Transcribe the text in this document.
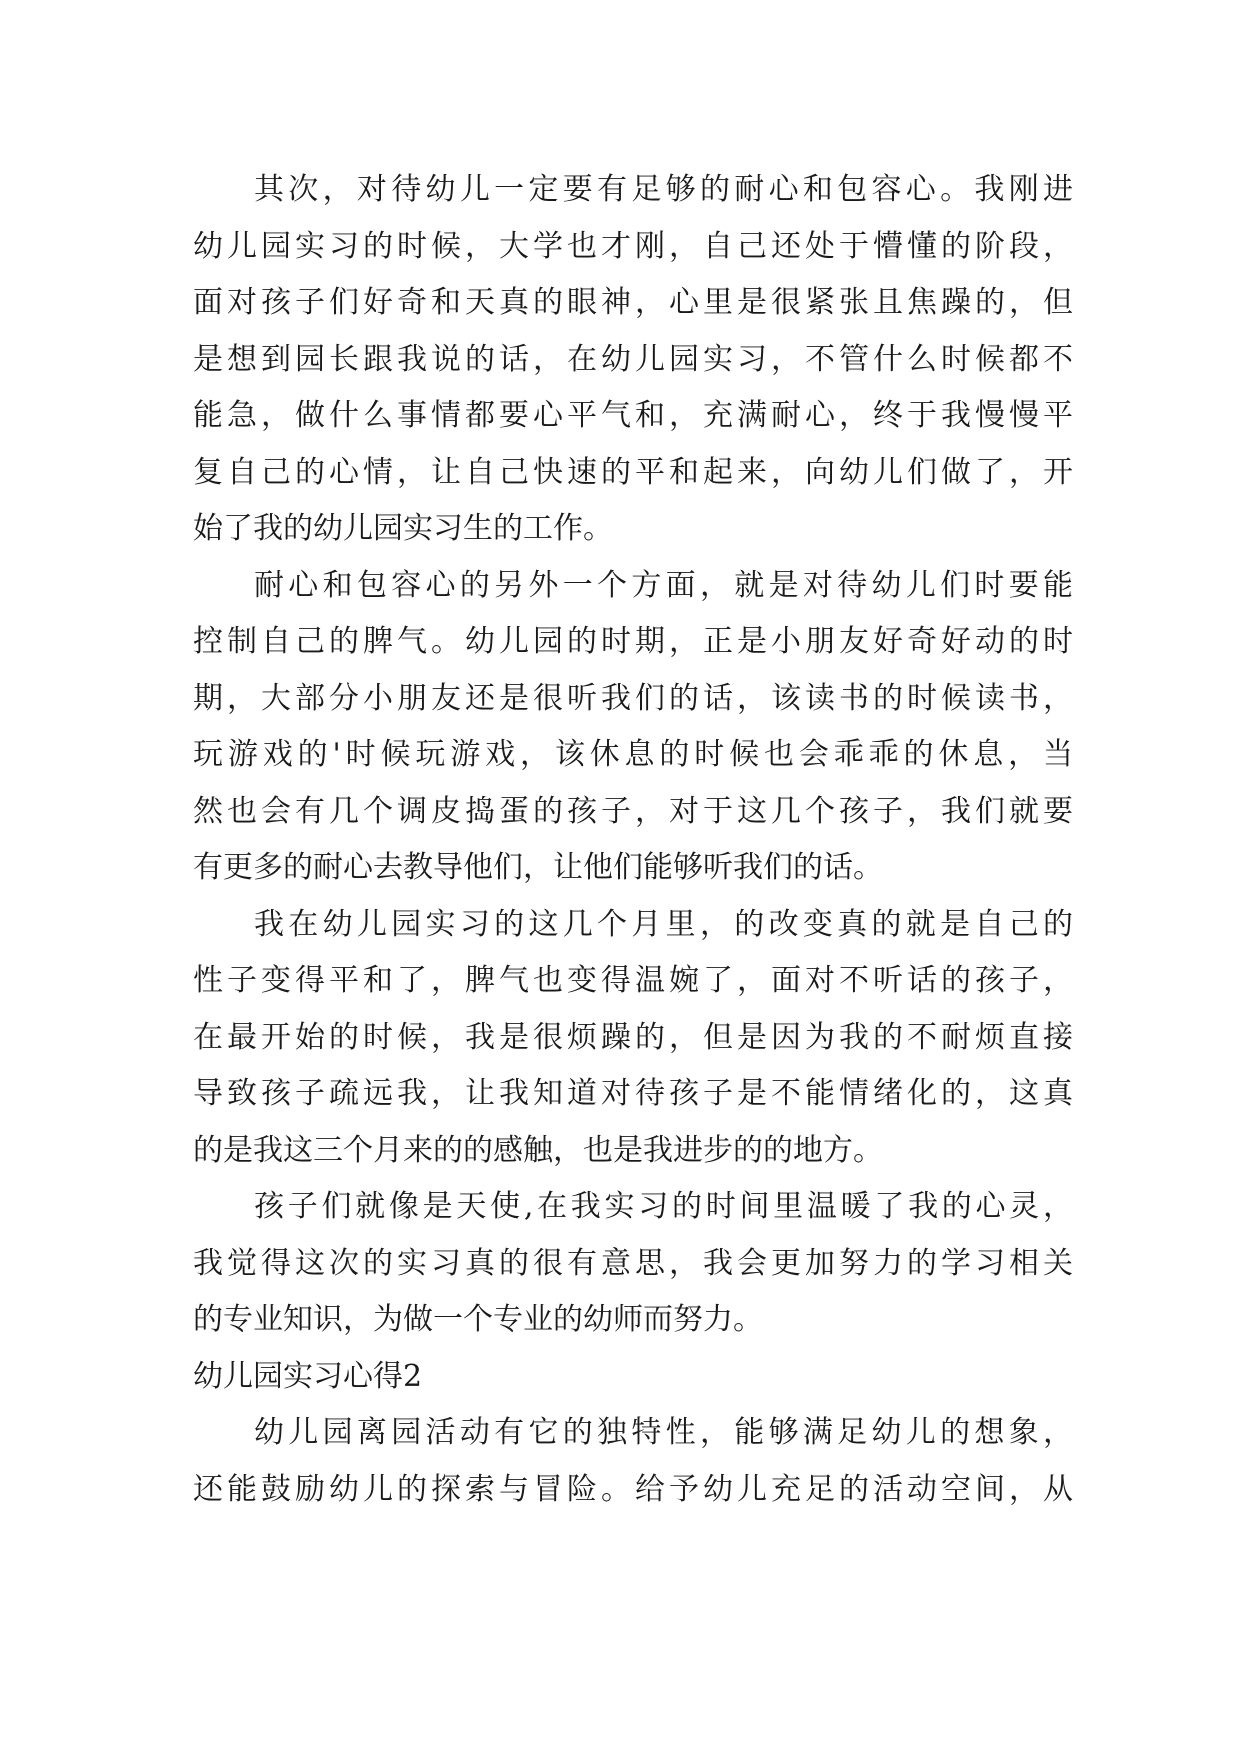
其次，对待幼儿一定要有足够的耐心和包容心。我刚进
幼儿园实习的时候，大学也才刚，自己还处于懵懂的阶段，
面对孩子们好奇和天真的眼神，心里是很紧张且焦躁的，但
是想到园长跟我说的话，在幼儿园实习，不管什么时候都不
能急，做什么事情都要心平气和，充满耐心，终于我慢慢平
复自己的心情，让自己快速的平和起来，向幼儿们做了，开
始了我的幼儿园实习生的工作。
耐心和包容心的另外一个方面，就是对待幼儿们时要能
控制自己的脾气。幼儿园的时期，正是小朋友好奇好动的时
期，大部分小朋友还是很听我们的话，该读书的时候读书，
玩游戏的'时候玩游戏，该休息的时候也会乖乖的休息，当
然也会有几个调皮捣蛋的孩子，对于这几个孩子，我们就要
有更多的耐心去教导他们，让他们能够听我们的话。
我在幼儿园实习的这几个月里，的改变真的就是自己的
性子变得平和了，脾气也变得温婉了，面对不听话的孩子，
在最开始的时候，我是很烦躁的，但是因为我的不耐烦直接
导致孩子疏远我，让我知道对待孩子是不能情绪化的，这真
的是我这三个月来的的感触，也是我进步的的地方。
孩子们就像是天使,在我实习的时间里温暖了我的心灵，
我觉得这次的实习真的很有意思，我会更加努力的学习相关
的专业知识，为做一个专业的幼师而努力。
幼儿园实习心得2
幼儿园离园活动有它的独特性，能够满足幼儿的想象，
还能鼓励幼儿的探索与冒险。给予幼儿充足的活动空间，从
